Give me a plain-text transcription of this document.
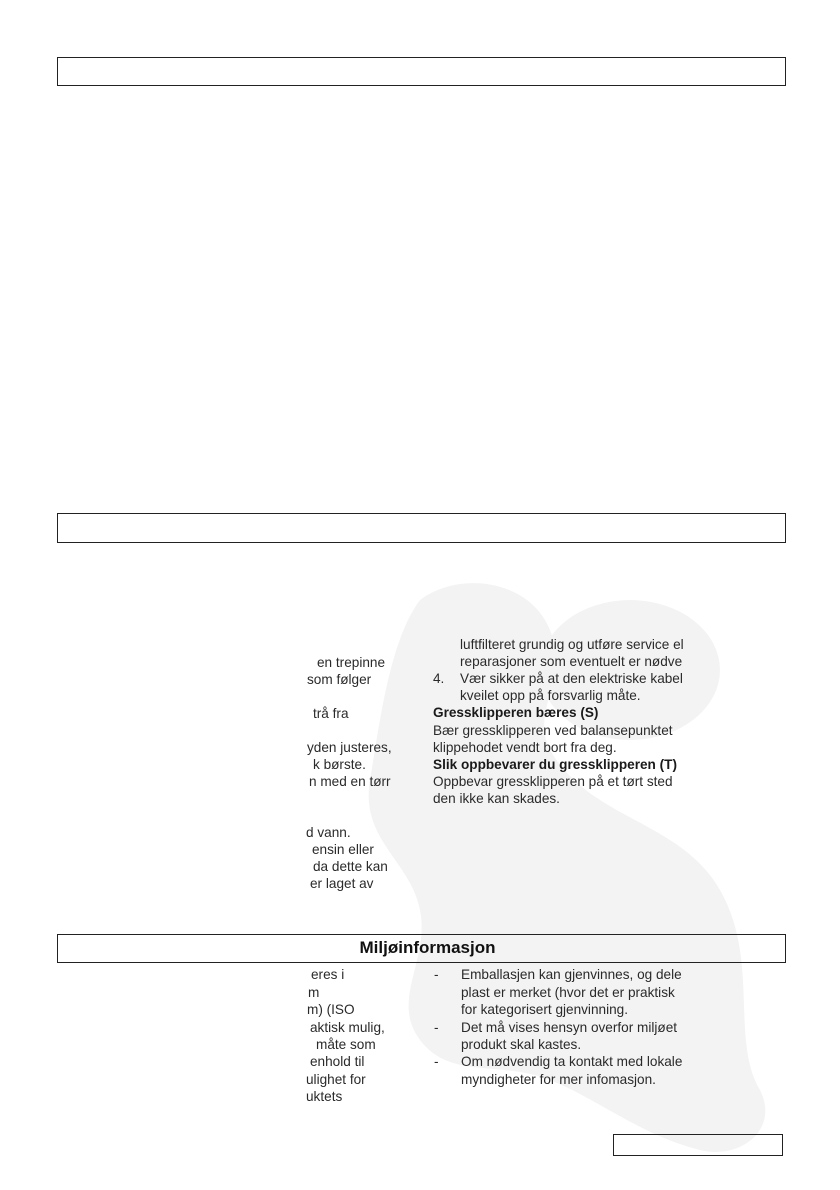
en trepinne
som følger
trå fra
yden justeres,
k børste.
n med en tørr
d vann.
ensin eller
da dette kan
er laget av
luftfilteret grundig og utføre service el
reparasjoner som eventuelt er nødve
4. Vær sikker på at den elektriske kabel
kveilet opp på forsvarlig måte.
Gressklipperen bæres (S)
Bær gressklipperen ved balansepunktet
klippehodet vendt bort fra deg.
Slik oppbevarer du gressklipperen (T)
Oppbevar gressklipperen på et tørt sted
den ikke kan skades.
Miljøinformasjon
eres i
m
m) (ISO
aktisk mulig,
måte som
enhold til
ulighet for
uktets
- Emballasjen kan gjenvinnes, og dele
plast er merket (hvor det er praktisk
for kategorisert gjenvinning.
- Det må vises hensyn overfor miljøet
produkt skal kastes.
- Om nødvendig ta kontakt med lokale
myndigheter for mer infomasjon.
